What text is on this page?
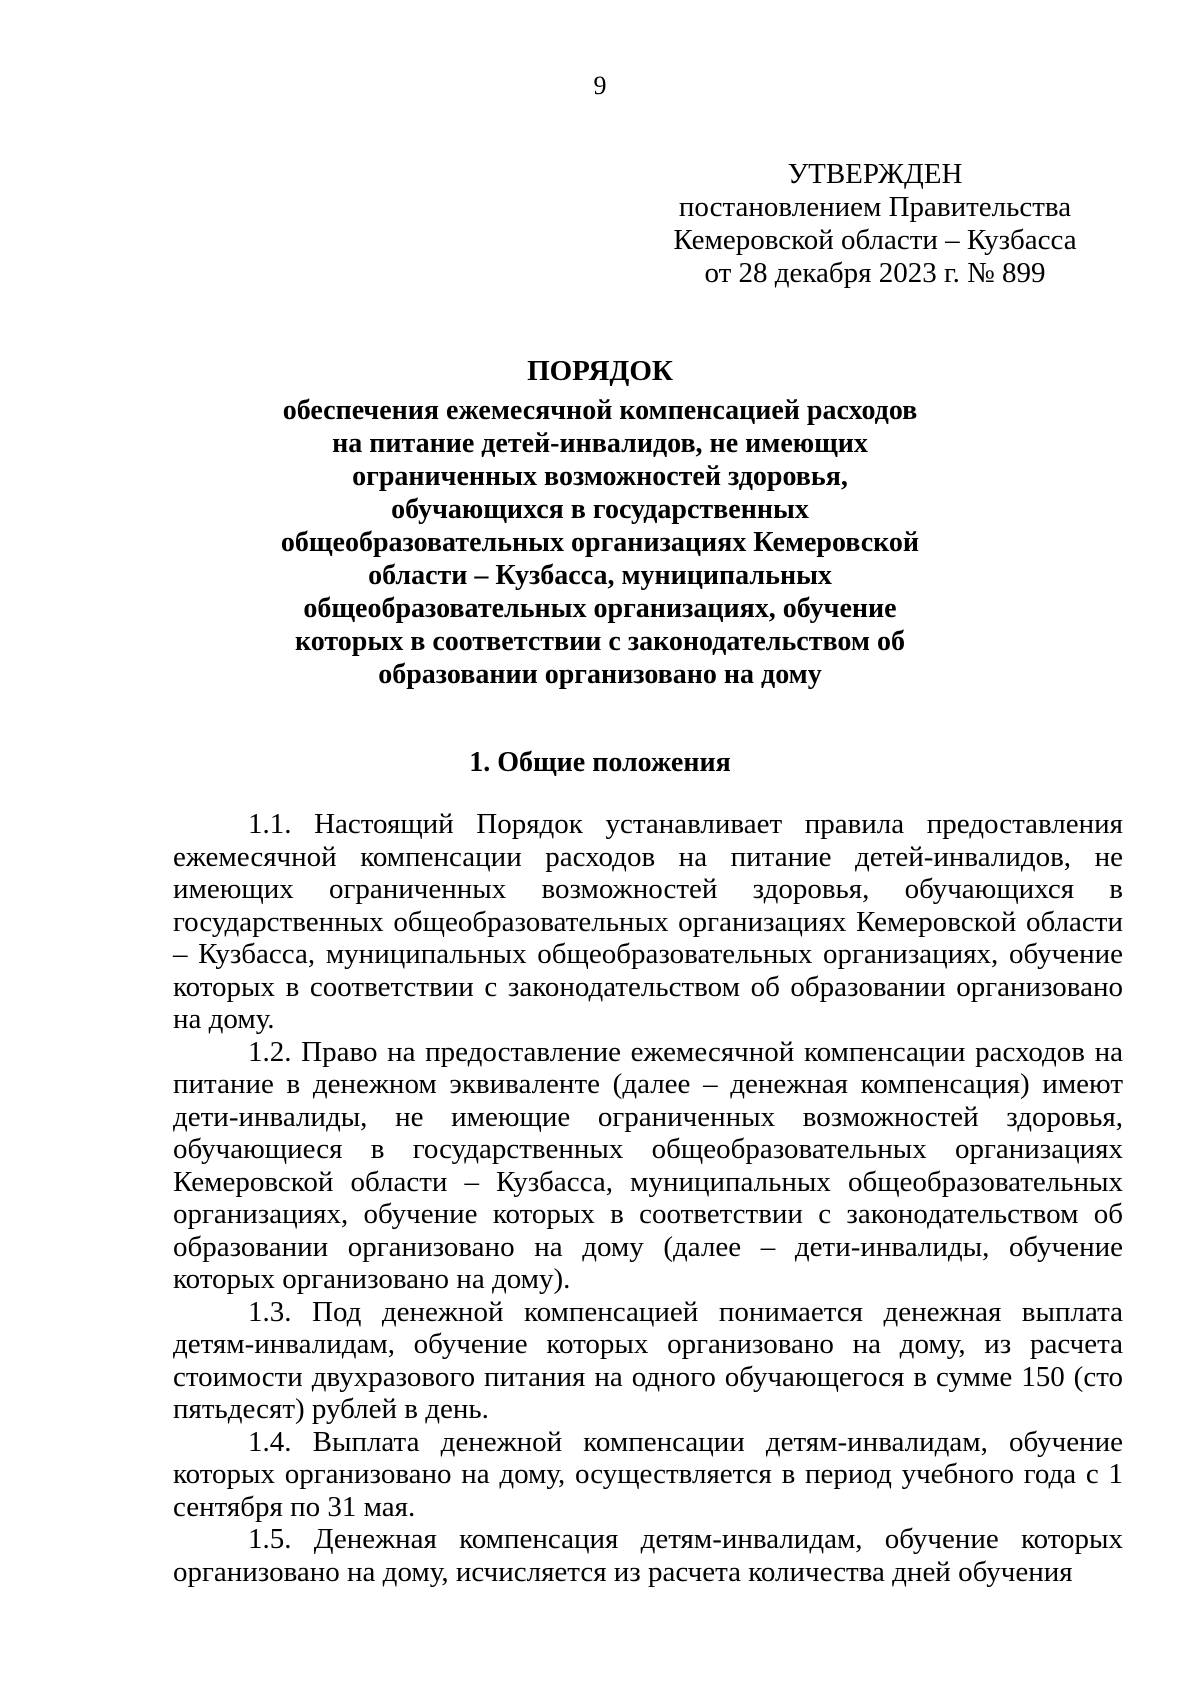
9
УТВЕРЖДЕН
постановлением Правительства
Кемеровской области – Кузбасса
от 28 декабря 2023 г. № 899
ПОРЯДОК
обеспечения ежемесячной компенсацией расходов
на питание детей-инвалидов, не имеющих
ограниченных возможностей здоровья,
обучающихся в государственных
общеобразовательных организациях Кемеровской
области – Кузбасса, муниципальных
общеобразовательных организациях, обучение
которых в соответствии с законодательством об
образовании организовано на дому
1. Общие положения

1.1. Настоящий Порядок устанавливает правила предоставления ежемесячной компенсации расходов на питание детей-инвалидов, не имеющих ограниченных возможностей здоровья, обучающихся в государственных общеобразовательных организациях Кемеровской области – Кузбасса, муниципальных общеобразовательных организациях, обучение которых в соответствии с законодательством об образовании организовано на дому.

1.2. Право на предоставление ежемесячной компенсации расходов на питание в денежном эквиваленте (далее – денежная компенсация) имеют дети-инвалиды, не имеющие ограниченных возможностей здоровья, обучающиеся в государственных общеобразовательных организациях Кемеровской области – Кузбасса, муниципальных общеобразовательных организациях, обучение которых в соответствии с законодательством об образовании организовано на дому (далее – дети-инвалиды, обучение которых организовано на дому).

1.3. Под денежной компенсацией понимается денежная выплата детям-инвалидам, обучение которых организовано на дому, из расчета стоимости двухразового питания на одного обучающегося в сумме 150 (сто пятьдесят) рублей в день.

1.4. Выплата денежной компенсации детям-инвалидам, обучение которых организовано на дому, осуществляется в период учебного года с 1 сентября по 31 мая.

1.5. Денежная компенсация детям-инвалидам, обучение которых организовано на дому, исчисляется из расчета количества дней обучения
